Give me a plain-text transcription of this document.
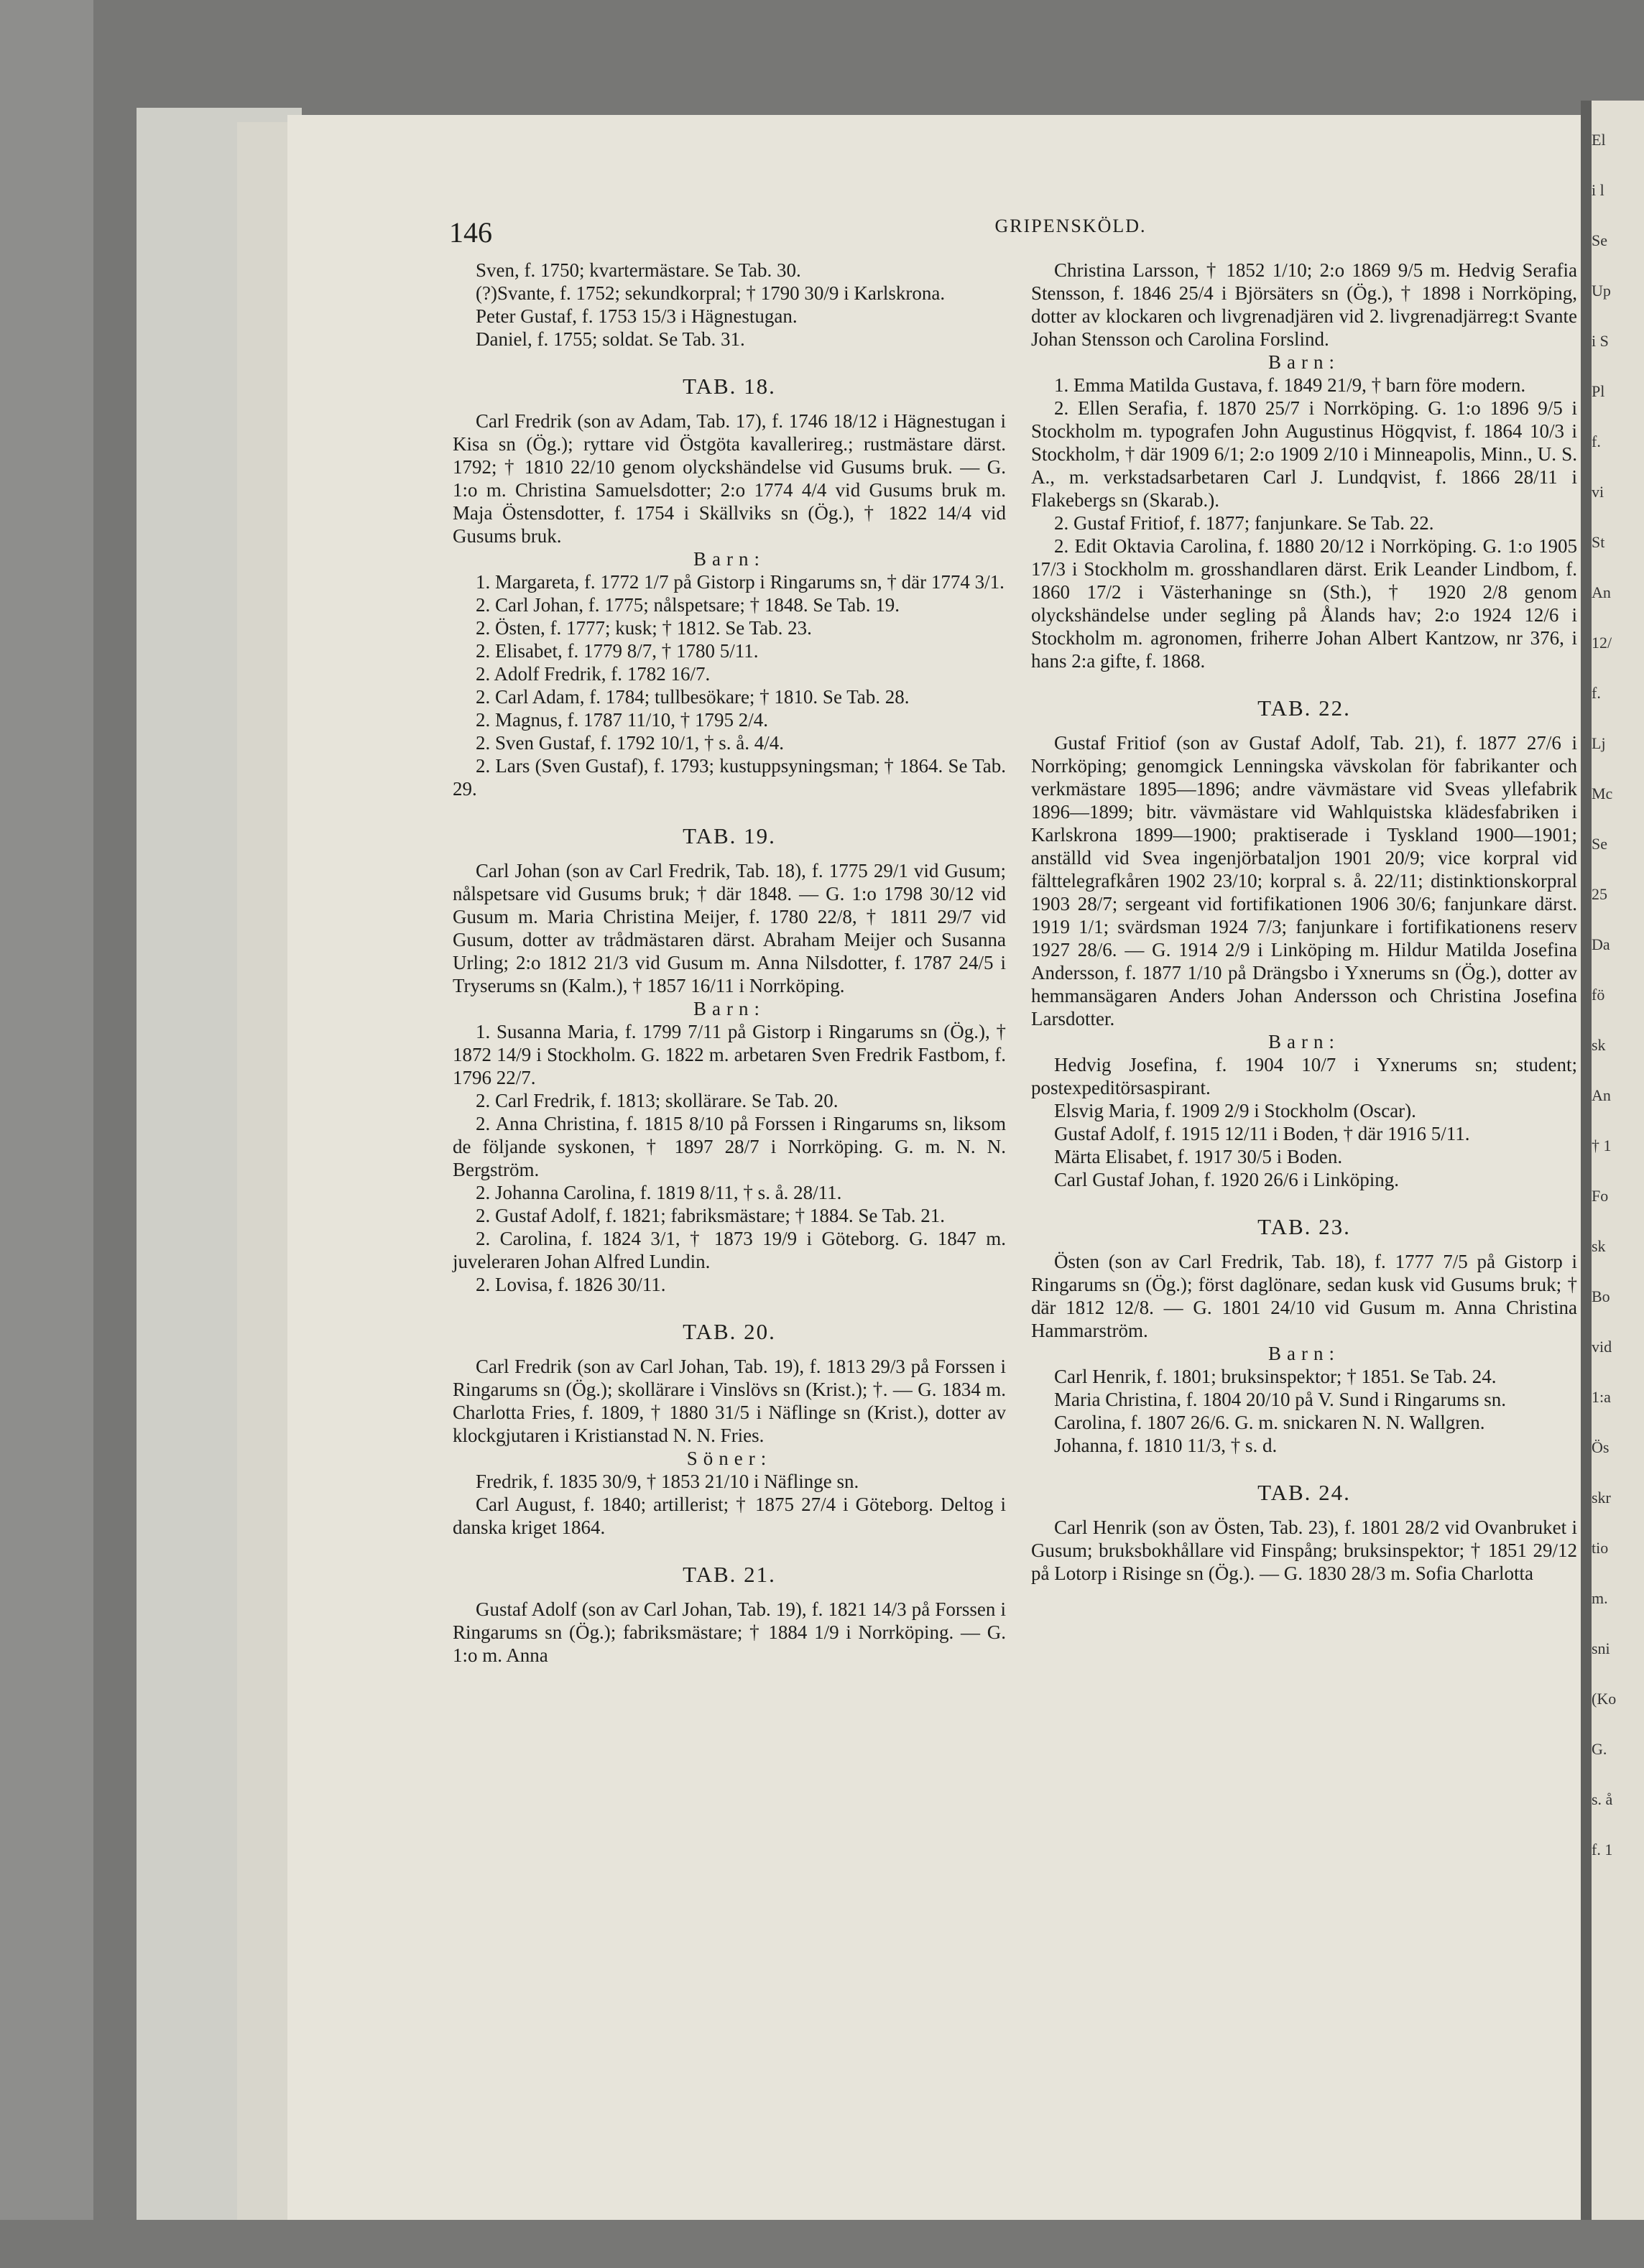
146	GRIPENSKÖLD.

Sven, f. 1750; kvartermästare. Se Tab. 30.

(?)Svante, f. 1752; sekundkorpral; † 1790 30/9 i Karlskrona.

Peter Gustaf, f. 1753 15/3 i Hägnestugan.

Daniel, f. 1755; soldat. Se Tab. 31.

TAB. 18.

Carl Fredrik (son av Adam, Tab. 17), f. 1746 18/12 i Hägnestugan i Kisa sn (Ög.); ryttare vid Östgöta kavallerireg.; rustmästare därst. 1792; † 1810 22/10 genom olyckshändelse vid Gusums bruk. — G. 1:o m. Christina Samuelsdotter; 2:o 1774 4/4 vid Gusums bruk m. Maja Östensdotter, f. 1754 i Skällviks sn (Ög.), † 1822 14/4 vid Gusums bruk.

Barn:

1. Margareta, f. 1772 1/7 på Gistorp i Ringarums sn, † där 1774 3/1.

2. Carl Johan, f. 1775; nålspetsare; † 1848. Se Tab. 19.

2. Östen, f. 1777; kusk; † 1812. Se Tab. 23.

2. Elisabet, f. 1779 8/7, † 1780 5/11.

2. Adolf Fredrik, f. 1782 16/7.

2. Carl Adam, f. 1784; tullbesökare; † 1810. Se Tab. 28.

2. Magnus, f. 1787 11/10, † 1795 2/4.

2. Sven Gustaf, f. 1792 10/1, † s. å. 4/4.

2. Lars (Sven Gustaf), f. 1793; kustuppsyningsman; † 1864. Se Tab. 29.

TAB. 19.

Carl Johan (son av Carl Fredrik, Tab. 18), f. 1775 29/1 vid Gusum; nålspetsare vid Gusums bruk; † där 1848. — G. 1:o 1798 30/12 vid Gusum m. Maria Christina Meijer, f. 1780 22/8, † 1811 29/7 vid Gusum, dotter av trådmästaren därst. Abraham Meijer och Susanna Urling; 2:o 1812 21/3 vid Gusum m. Anna Nilsdotter, f. 1787 24/5 i Tryserums sn (Kalm.), † 1857 16/11 i Norrköping.

Barn:

1. Susanna Maria, f. 1799 7/11 på Gistorp i Ringarums sn (Ög.), † 1872 14/9 i Stockholm. G. 1822 m. arbetaren Sven Fredrik Fastbom, f. 1796 22/7.

2. Carl Fredrik, f. 1813; skollärare. Se Tab. 20.

2. Anna Christina, f. 1815 8/10 på Forssen i Ringarums sn, liksom de följande syskonen, † 1897 28/7 i Norrköping. G. m. N. N. Bergström.

2. Johanna Carolina, f. 1819 8/11, † s. å. 28/11.

2. Gustaf Adolf, f. 1821; fabriksmästare; † 1884. Se Tab. 21.

2. Carolina, f. 1824 3/1, † 1873 19/9 i Göteborg. G. 1847 m. juveleraren Johan Alfred Lundin.

2. Lovisa, f. 1826 30/11.

TAB. 20.

Carl Fredrik (son av Carl Johan, Tab. 19), f. 1813 29/3 på Forssen i Ringarums sn (Ög.); skollärare i Vinslövs sn (Krist.); †. — G. 1834 m. Charlotta Fries, f. 1809, † 1880 31/5 i Näflinge sn (Krist.), dotter av klockgjutaren i Kristianstad N. N. Fries.

Söner:

Fredrik, f. 1835 30/9, † 1853 21/10 i Näflinge sn.

Carl August, f. 1840; artillerist; † 1875 27/4 i Göteborg. Deltog i danska kriget 1864.

TAB. 21.

Gustaf Adolf (son av Carl Johan, Tab. 19), f. 1821 14/3 på Forssen i Ringarums sn (Ög.); fabriksmästare; † 1884 1/9 i Norrköping. — G. 1:o m. Anna

Christina Larsson, † 1852 1/10; 2:o 1869 9/5 m. Hedvig Serafia Stensson, f. 1846 25/4 i Björsäters sn (Ög.), † 1898 i Norrköping, dotter av klockaren och livgrenadjären vid 2. livgrenadjärreg:t Svante Johan Stensson och Carolina Forslind.

Barn:

1. Emma Matilda Gustava, f. 1849 21/9, † barn före modern.

2. Ellen Serafia, f. 1870 25/7 i Norrköping. G. 1:o 1896 9/5 i Stockholm m. typografen John Augustinus Högqvist, f. 1864 10/3 i Stockholm, † där 1909 6/1; 2:o 1909 2/10 i Minneapolis, Minn., U. S. A., m. verkstadsarbetaren Carl J. Lundqvist, f. 1866 28/11 i Flakebergs sn (Skarab.).

2. Gustaf Fritiof, f. 1877; fanjunkare. Se Tab. 22.

2. Edit Oktavia Carolina, f. 1880 20/12 i Norrköping. G. 1:o 1905 17/3 i Stockholm m. grosshandlaren därst. Erik Leander Lindbom, f. 1860 17/2 i Västerhaninge sn (Sth.), † 1920 2/8 genom olyckshändelse under segling på Ålands hav; 2:o 1924 12/6 i Stockholm m. agronomen, friherre Johan Albert Kantzow, nr 376, i hans 2:a gifte, f. 1868.

TAB. 22.

Gustaf Fritiof (son av Gustaf Adolf, Tab. 21), f. 1877 27/6 i Norrköping; genomgick Lenningska vävskolan för fabrikanter och verkmästare 1895—1896; andre vävmästare vid Sveas yllefabrik 1896—1899; bitr. vävmästare vid Wahlquistska klädesfabriken i Karlskrona 1899—1900; praktiserade i Tyskland 1900—1901; anställd vid Svea ingenjörbataljon 1901 20/9; vice korpral vid fälttelegrafkåren 1902 23/10; korpral s. å. 22/11; distinktionskorpral 1903 28/7; sergeant vid fortifikationen 1906 30/6; fanjunkare därst. 1919 1/1; svärdsman 1924 7/3; fanjunkare i fortifikationens reserv 1927 28/6. — G. 1914 2/9 i Linköping m. Hildur Matilda Josefina Andersson, f. 1877 1/10 på Drängsbo i Yxnerums sn (Ög.), dotter av hemmansägaren Anders Johan Andersson och Christina Josefina Larsdotter.

Barn:

Hedvig Josefina, f. 1904 10/7 i Yxnerums sn; student; postexpeditörsaspirant.

Elsvig Maria, f. 1909 2/9 i Stockholm (Oscar).

Gustaf Adolf, f. 1915 12/11 i Boden, † där 1916 5/11.

Märta Elisabet, f. 1917 30/5 i Boden.

Carl Gustaf Johan, f. 1920 26/6 i Linköping.

TAB. 23.

Östen (son av Carl Fredrik, Tab. 18), f. 1777 7/5 på Gistorp i Ringarums sn (Ög.); först daglönare, sedan kusk vid Gusums bruk; † där 1812 12/8. — G. 1801 24/10 vid Gusum m. Anna Christina Hammarström.

Barn:

Carl Henrik, f. 1801; bruksinspektor; † 1851. Se Tab. 24.

Maria Christina, f. 1804 20/10 på V. Sund i Ringarums sn.

Carolina, f. 1807 26/6. G. m. snickaren N. N. Wallgren.

Johanna, f. 1810 11/3, † s. d.

TAB. 24.

Carl Henrik (son av Östen, Tab. 23), f. 1801 28/2 vid Ovanbruket i Gusum; bruksbokhållare vid Finspång; bruksinspektor; † 1851 29/12 på Lotorp i Risinge sn (Ög.). — G. 1830 28/3 m. Sofia Charlotta

El
i l
Se
Up
i S
Pl
f.
vi
St
An
12/
f.
Lj
Mc
Se
25
Da
fö
sk
An
† 1
Fo
sk
Bo
vid
1:a
Ös
skr
tio
m.
sni
(Ko
G.
s. å
f. 1
